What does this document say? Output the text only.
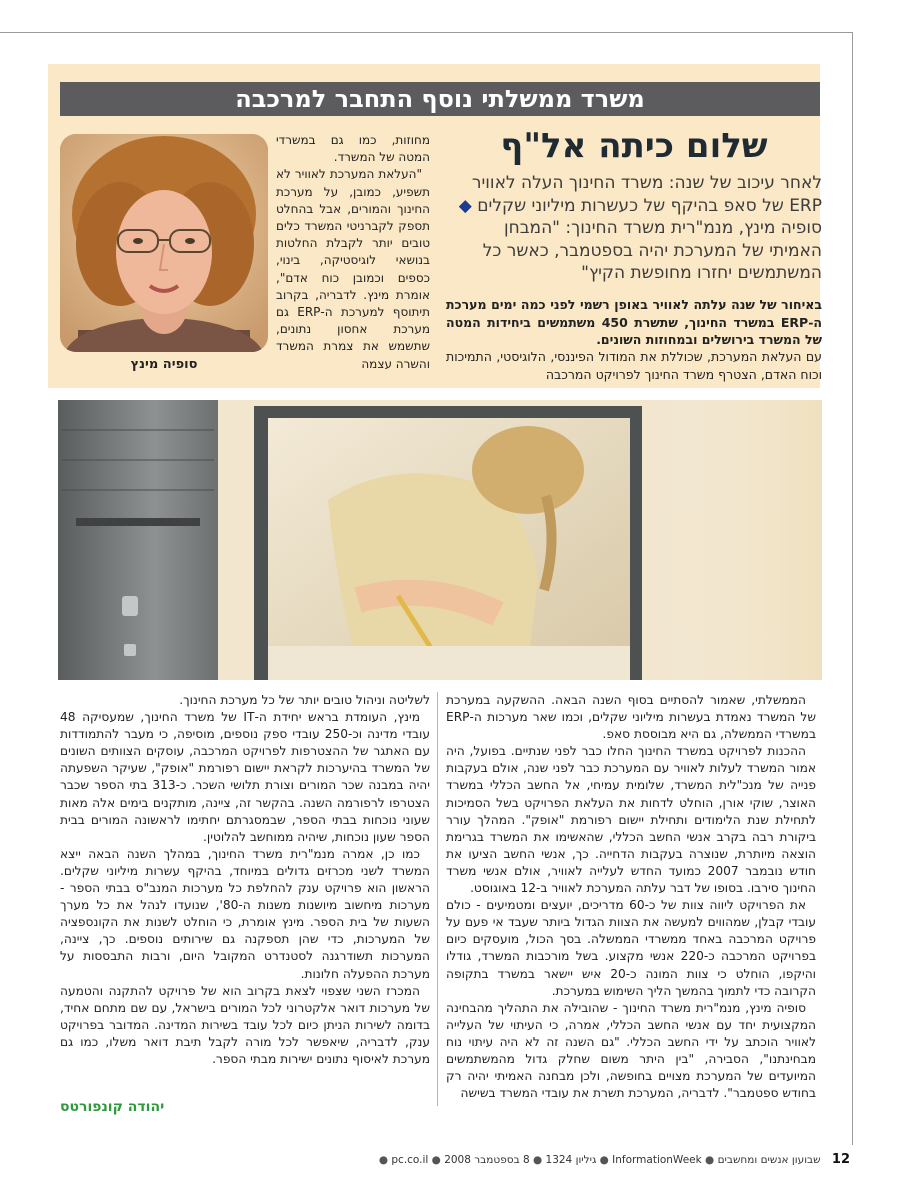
משרד ממשלתי נוסף התחבר למרכבה
סופיה מינץ

מחוזות, כמו גם במשרדי המטה של המשרד.

"העלאת המערכת לאוויר לא תשפיע, כמובן, על מערכת החינוך והמורים, אבל בהחלט תספק לקברניטי המשרד כלים טובים יותר לקבלת החלטות בנושאי לוגיסטיקה, בינוי, כספים וכמובן כוח אדם", אומרת מינץ. לדבריה, בקרוב תיתוסף למערכת ה-ERP גם מערכת אחסון נתונים, שתשמש את צמרת המשרד והשרה עצמה

שלום כיתה אל"ף
לאחר עיכוב של שנה: משרד החינוך העלה לאוויר ERP של סאפ בהיקף של כעשרות מיליוני שקלים ◆ סופיה מינץ, מנמ"רית משרד החינוך: "המבחן האמיתי של המערכת יהיה בספטמבר, כאשר כל המשתמשים יחזרו מחופשת הקיץ"
באיחור של שנה עלתה לאוויר באופן רשמי לפני כמה ימים מערכת ה-ERP במשרד החינוך, שתשרת 450 משתמשים ביחידות המטה של המשרד בירושלים ובמחוזות השונים.
עם העלאת המערכת, שכוללת את המודול הפיננסי, הלוגיסטי, התמיכות וכוח האדם, הצטרף משרד החינוך לפרויקט המרכבה

הממשלתי, שאמור להסתיים בסוף השנה הבאה. ההשקעה במערכת של המשרד נאמדת בעשרות מיליוני שקלים, וכמו שאר מערכות ה-ERP במשרדי הממשלה, גם היא מבוססת סאפ.

ההכנות לפרויקט במשרד החינוך החלו כבר לפני שנתיים. בפועל, היה אמור המשרד לעלות לאוויר עם המערכת כבר לפני שנה, אולם בעקבות פנייה של מנכ"לית המשרד, שלומית עמיחי, אל החשב הכללי במשרד האוצר, שוקי אורן, הוחלט לדחות את העלאת הפרויקט בשל הסמיכות לתחילת שנת הלימודים ותחילת יישום רפורמת "אופק". המהלך עורר ביקורת רבה בקרב אנשי החשב הכללי, שהאשימו את המשרד בגרימת הוצאה מיותרת, שנוצרה בעקבות הדחייה. כך, אנשי החשב הציעו את חודש נובמבר 2007 כמועד החדש לעלייה לאוויר, אולם אנשי משרד החינוך סירבו. בסופו של דבר עלתה המערכת לאוויר ב-12 באוגוסט.

את הפרויקט ליווה צוות של כ-60 מדריכים, יועצים ומטמיעים - כולם עובדי קבלן, שמהווים למעשה את הצוות הגדול ביותר שעבד אי פעם על פרויקט המרכבה באחד ממשרדי הממשלה. בסך הכול, מועסקים כיום בפרויקט המרכבה כ-220 אנשי מקצוע. בשל מורכבות המשרד, גודלו והיקפו, הוחלט כי צוות המונה כ-20 איש יישאר במשרד בתקופה הקרובה כדי לתמוך בהמשך הליך השימוש במערכת.

סופיה מינץ, מנמ"רית משרד החינוך - שהובילה את התהליך מהבחינה המקצועית יחד עם אנשי החשב הכללי, אמרה, כי העיתוי של העלייה לאוויר הוכתב על ידי החשב הכללי. "גם השנה זה לא היה עיתוי נוח מבחינתנו", הסבירה, "בין היתר משום שחלק גדול מהמשתמשים המיועדים של המערכת מצויים בחופשה, ולכן מבחנה האמיתי יהיה רק בחודש ספטמבר". לדבריה, המערכת תשרת את עובדי המשרד בשישה

לשליטה וניהול טובים יותר של כל מערכת החינוך.

מינץ, העומדת בראש יחידת ה-IT של משרד החינוך, שמעסיקה 48 עובדי מדינה וכ-250 עובדי ספק נוספים, מוסיפה, כי מעבר להתמודדות עם האתגר של ההצטרפות לפרויקט המרכבה, עוסקים הצוותים השונים של המשרד בהיערכות לקראת יישום רפורמת "אופק", שעיקר השפעתה יהיה במבנה שכר המורים וצורת תלושי השכר. כ-313 בתי הספר שכבר הצטרפו לרפורמה השנה. בהקשר זה, ציינה, מותקנים בימים אלה מאות שעוני נוכחות בבתי הספר, שבמסגרתם יחתימו לראשונה המורים בבית הספר שעון נוכחות, שיהיה ממוחשב להלוטין.

כמו כן, אמרה מנמ"רית משרד החינוך, במהלך השנה הבאה ייצא המשרד לשני מכרזים גדולים במיוחד, בהיקף עשרות מיליוני שקלים. הראשון הוא פרויקט ענק להחלפת כל מערכות המנב"ס בבתי הספר - מערכות מיחשוב מיושנות משנות ה-80', שנועדו לנהל את כל מערך השעות של בית הספר. מינץ אומרת, כי הוחלט לשנות את הקונספציה של המערכות, כדי שהן תספקנה גם שירותים נוספים. כך, ציינה, המערכות תשודרגנה לסטנדרט המקובל היום, ורבות התבססות על מערכת ההפעלה חלונות.

המכרז השני שצפוי לצאת בקרוב הוא של פרויקט להתקנה והטמעה של מערכות דואר אלקטרוני לכל המורים בישראל, עם שם מתחם אחיד, בדומה לשירות הניתן כיום לכל עובד בשירות המדינה. המדובר בפרויקט ענק, לדבריה, שיאפשר לכל מורה לקבל תיבת דואר משלו, כמו גם מערכת לאיסוף נתונים ישירות מבתי הספר.

יהודה קונפורטס
12 שבועון אנשים ומחשבים ● InformationWeek ● גיליון 1324 ● 8 בספטמבר 2008 ● pc.co.il ●
